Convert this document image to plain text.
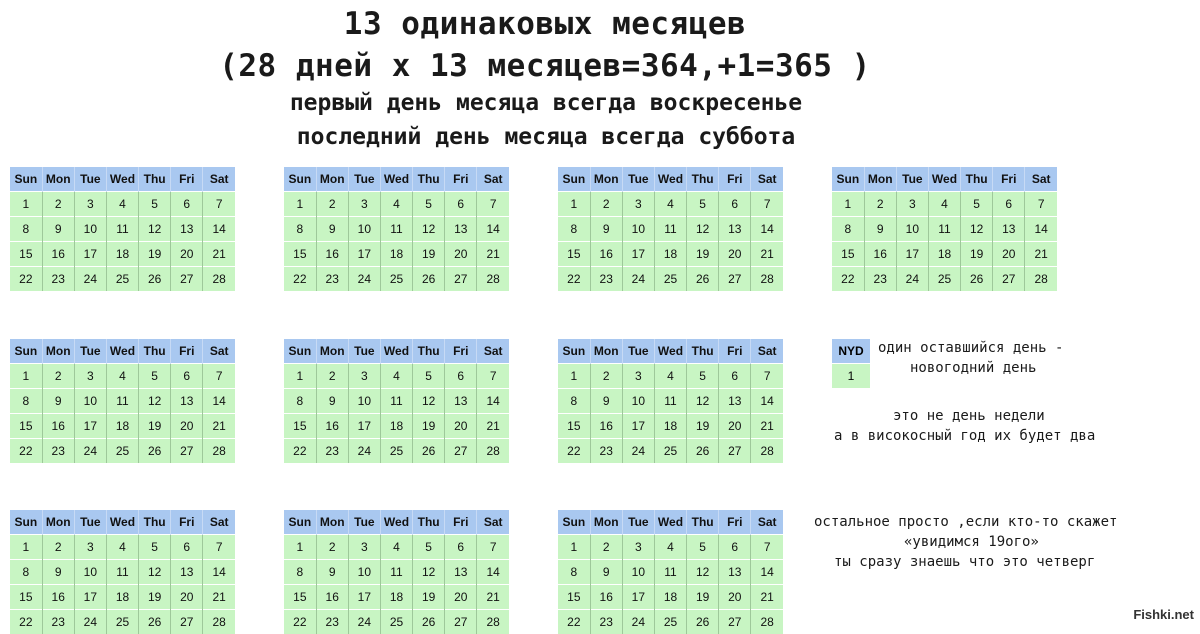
13 одинаковых месяцев
(28 дней x 13 месяцев=364,+1=365 )
первый день месяца всегда воскресенье
последний день месяца всегда суббота
Sun	Mon	Tue	Wed	Thu	Fri	Sat
1	2	3	4	5	6	7
8	9	10	11	12	13	14
15	16	17	18	19	20	21
22	23	24	25	26	27	28
Sun	Mon	Tue	Wed	Thu	Fri	Sat
1	2	3	4	5	6	7
8	9	10	11	12	13	14
15	16	17	18	19	20	21
22	23	24	25	26	27	28
Sun	Mon	Tue	Wed	Thu	Fri	Sat
1	2	3	4	5	6	7
8	9	10	11	12	13	14
15	16	17	18	19	20	21
22	23	24	25	26	27	28
Sun	Mon	Tue	Wed	Thu	Fri	Sat
1	2	3	4	5	6	7
8	9	10	11	12	13	14
15	16	17	18	19	20	21
22	23	24	25	26	27	28
Sun	Mon	Tue	Wed	Thu	Fri	Sat
1	2	3	4	5	6	7
8	9	10	11	12	13	14
15	16	17	18	19	20	21
22	23	24	25	26	27	28
Sun	Mon	Tue	Wed	Thu	Fri	Sat
1	2	3	4	5	6	7
8	9	10	11	12	13	14
15	16	17	18	19	20	21
22	23	24	25	26	27	28
Sun	Mon	Tue	Wed	Thu	Fri	Sat
1	2	3	4	5	6	7
8	9	10	11	12	13	14
15	16	17	18	19	20	21
22	23	24	25	26	27	28
Sun	Mon	Tue	Wed	Thu	Fri	Sat
1	2	3	4	5	6	7
8	9	10	11	12	13	14
15	16	17	18	19	20	21
22	23	24	25	26	27	28
Sun	Mon	Tue	Wed	Thu	Fri	Sat
1	2	3	4	5	6	7
8	9	10	11	12	13	14
15	16	17	18	19	20	21
22	23	24	25	26	27	28
Sun	Mon	Tue	Wed	Thu	Fri	Sat
1	2	3	4	5	6	7
8	9	10	11	12	13	14
15	16	17	18	19	20	21
22	23	24	25	26	27	28
NYD
1
один оставшийся день -
новогодний день
это не день недели
а в високосный год их будет два
остальное просто ,если кто-то скажет
«увидимся 19ого»
ты сразу знаешь что это четверг
Fishki.net
